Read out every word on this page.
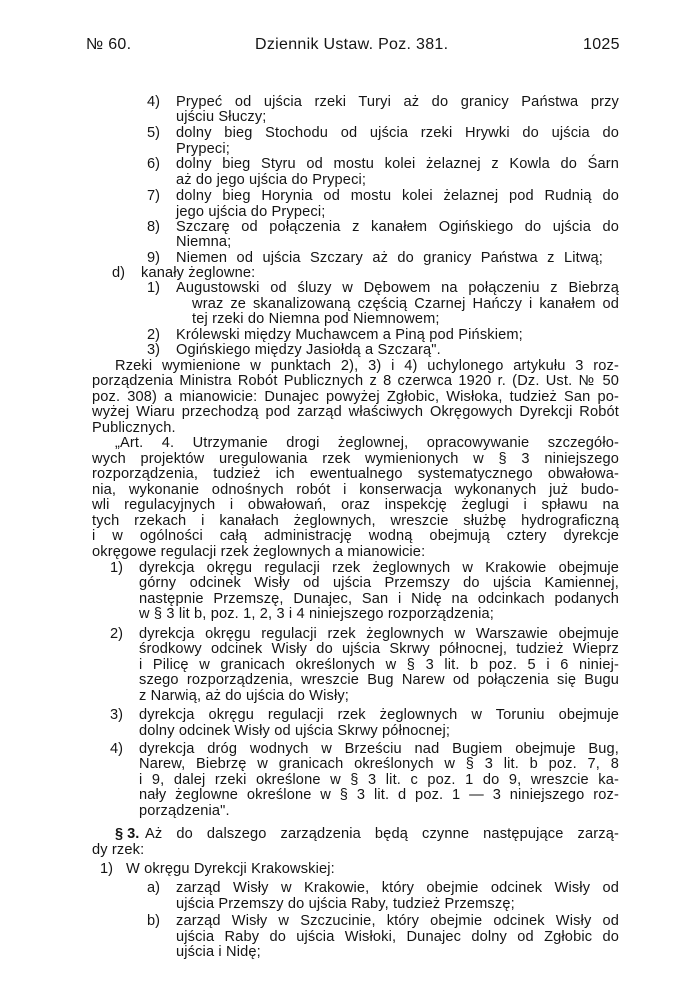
№ 60.	Dziennik Ustaw. Poz. 381.	1025
4) Prypeć od ujścia rzeki Turyi aż do granicy Państwa przy
ujściu Słuczy;
5) dolny bieg Stochodu od ujścia rzeki Hrywki do ujścia do
Prypeci;
6) dolny bieg Styru od mostu kolei żelaznej z Kowla do Śarn
aż do jego ujścia do Prypeci;
7) dolny bieg Horynia od mostu kolei żelaznej pod Rudnią do
jego ujścia do Prypeci;
8) Szczarę od połączenia z kanałem Ogińskiego do ujścia do
Niemna;
9) Niemen od ujścia Szczary aż do granicy Państwa z Litwą;
d) kanały żeglowne:
1) Augustowski od śluzy w Dębowem na połączeniu z Biebrzą
wraz ze skanalizowaną częścią Czarnej Hańczy i kanałem od
tej rzeki do Niemna pod Niemnowem;
2) Królewski między Muchawcem a Piną pod Pińskiem;
3) Ogińskiego między Jasiołdą a Szczarą".
Rzeki wymienione w punktach 2), 3) i 4) uchylonego artykułu 3 roz-
porządzenia Ministra Robót Publicznych z 8 czerwca 1920 r. (Dz. Ust. № 50
poz. 308) a mianowicie: Dunajec powyżej Zgłobic, Wisłoka, tudzież San po-
wyżej Wiaru przechodzą pod zarząd właściwych Okręgowych Dyrekcji Robót
Publicznych.
„Art. 4. Utrzymanie drogi żeglownej, opracowywanie szczegóło-
wych projektów uregulowania rzek wymienionych w § 3 niniejszego
rozporządzenia, tudzież ich ewentualnego systematycznego obwałowa-
nia, wykonanie odnośnych robót i konserwacja wykonanych już budo-
wli regulacyjnych i obwałowań, oraz inspekcję żeglugi i spławu na
tych rzekach i kanałach żeglownych, wreszcie służbę hydrograficzną
i w ogólności całą administrację wodną obejmują cztery dyrekcje
okręgowe regulacji rzek żeglownych a mianowicie:
1) dyrekcja okręgu regulacji rzek żeglownych w Krakowie obejmuje
górny odcinek Wisły od ujścia Przemszy do ujścia Kamiennej,
następnie Przemszę, Dunajec, San i Nidę na odcinkach podanych
w § 3 lit b, poz. 1, 2, 3 i 4 niniejszego rozporządzenia;
2) dyrekcja okręgu regulacji rzek żeglownych w Warszawie obejmuje
środkowy odcinek Wisły do ujścia Skrwy północnej, tudzież Wieprz
i Pilicę w granicach określonych w § 3 lit. b poz. 5 i 6 niniej-
szego rozporządzenia, wreszcie Bug Narew od połączenia się Bugu
z Narwią, aż do ujścia do Wisły;
3) dyrekcja okręgu regulacji rzek żeglownych w Toruniu obejmuje
dolny odcinek Wisły od ujścia Skrwy północnej;
4) dyrekcja dróg wodnych w Brześciu nad Bugiem obejmuje Bug,
Narew, Biebrzę w granicach określonych w § 3 lit. b poz. 7, 8
i 9, dalej rzeki określone w § 3 lit. c poz. 1 do 9, wreszcie ka-
nały żeglowne określone w § 3 lit. d poz. 1 — 3 niniejszego roz-
porządzenia".
§ 3. Aż do dalszego zarządzenia będą czynne następujące zarzą-
dy rzek:
1) W okręgu Dyrekcji Krakowskiej:
a) zarząd Wisły w Krakowie, który obejmie odcinek Wisły od
ujścia Przemszy do ujścia Raby, tudzież Przemszę;
b) zarząd Wisły w Szczucinie, który obejmie odcinek Wisły od
ujścia Raby do ujścia Wisłoki, Dunajec dolny od Zgłobic do
ujścia i Nidę;
